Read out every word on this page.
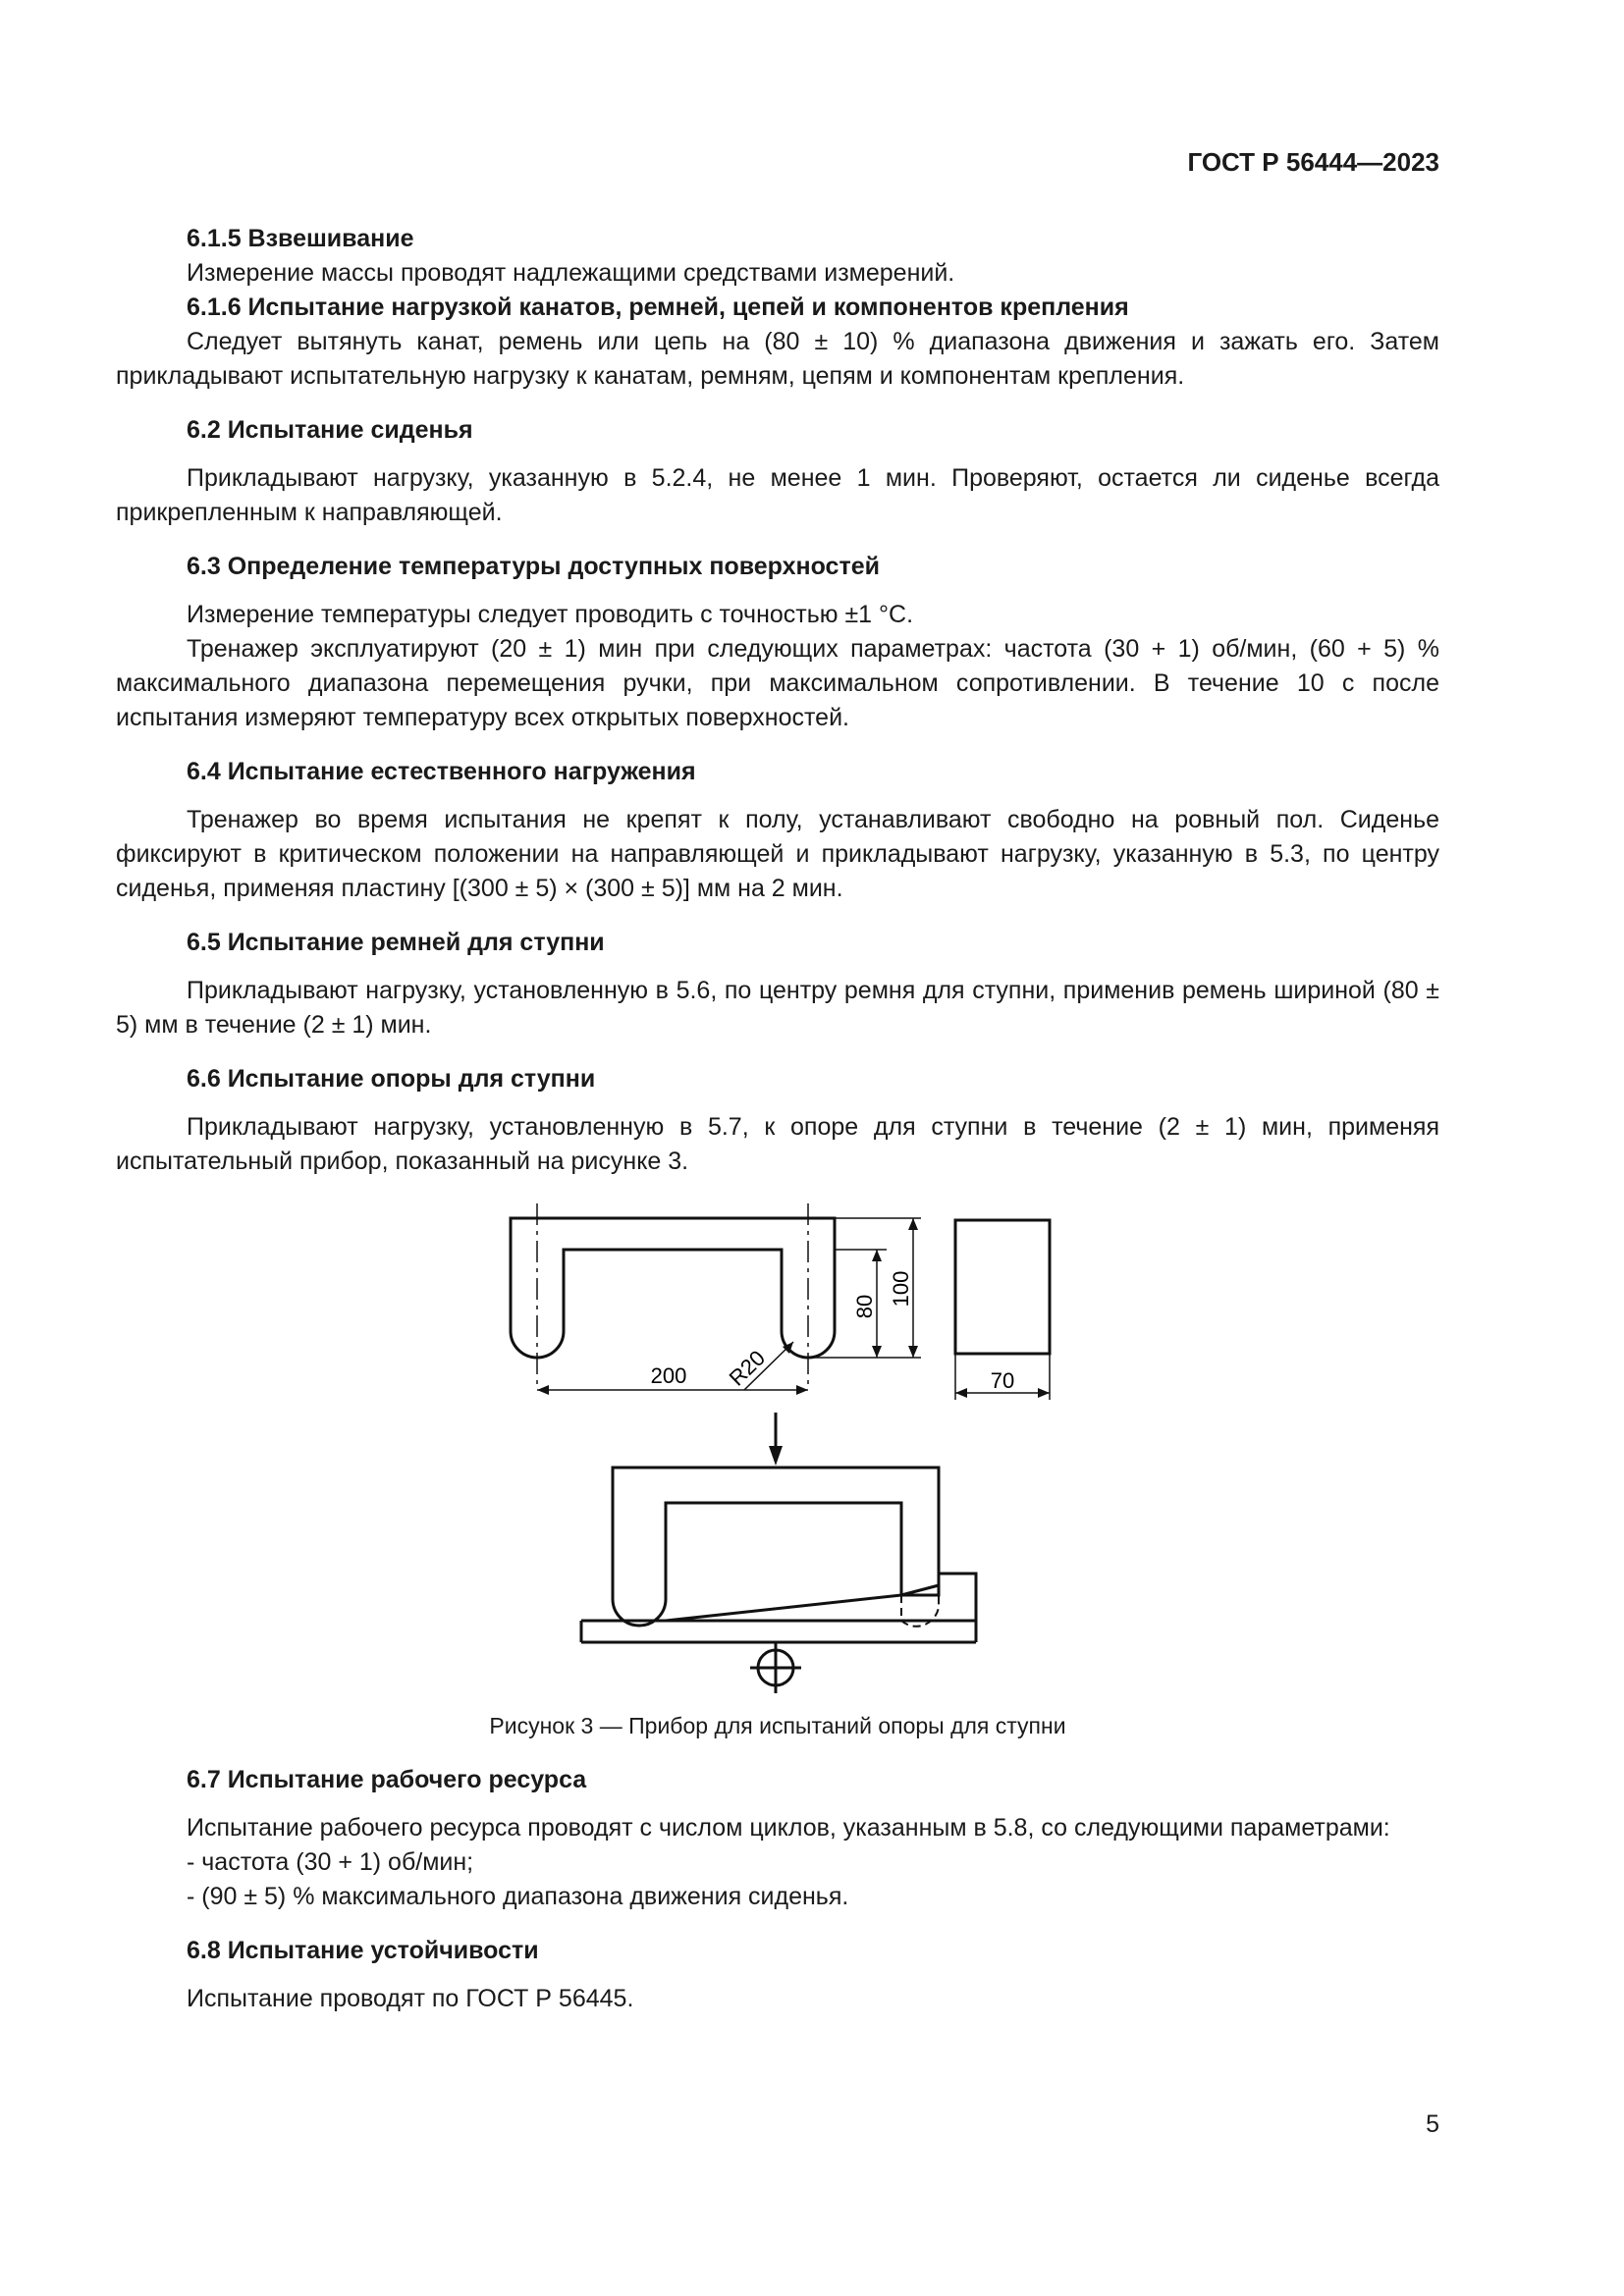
ГОСТ Р 56444—2023

6.1.5 Взвешивание

Измерение массы проводят надлежащими средствами измерений.

6.1.6 Испытание нагрузкой канатов, ремней, цепей и компонентов крепления

Следует вытянуть канат, ремень или цепь на (80 ± 10) % диапазона движения и зажать его. Затем прикладывают испытательную нагрузку к канатам, ремням, цепям и компонентам крепления.

6.2 Испытание сиденья

Прикладывают нагрузку, указанную в 5.2.4, не менее 1 мин. Проверяют, остается ли сиденье всегда прикрепленным к направляющей.

6.3 Определение температуры доступных поверхностей

Измерение температуры следует проводить с точностью ±1 °С.

Тренажер эксплуатируют (20 ± 1) мин при следующих параметрах: частота (30 + 1) об/мин, (60 + 5) % максимального диапазона перемещения ручки, при максимальном сопротивлении. В течение 10 с после испытания измеряют температуру всех открытых поверхностей.

6.4 Испытание естественного нагружения

Тренажер во время испытания не крепят к полу, устанавливают свободно на ровный пол. Сиденье фиксируют в критическом положении на направляющей и прикладывают нагрузку, указанную в 5.3, по центру сиденья, применяя пластину [(300 ± 5) × (300 ± 5)] мм на 2 мин.

6.5 Испытание ремней для ступни

Прикладывают нагрузку, установленную в 5.6, по центру ремня для ступни, применив ремень шириной (80 ± 5) мм в течение (2 ± 1) мин.

6.6 Испытание опоры для ступни

Прикладывают нагрузку, установленную в 5.7, к опоре для ступни в течение (2 ± 1) мин, применяя испытательный прибор, показанный на рисунке 3.

80 100
200 R20	70
Рисунок 3 — Прибор для испытаний опоры для ступни

6.7 Испытание рабочего ресурса

Испытание рабочего ресурса проводят с числом циклов, указанным в 5.8, со следующими параметрами:

- частота (30 + 1) об/мин;

- (90 ± 5) % максимального диапазона движения сиденья.

6.8 Испытание устойчивости

Испытание проводят по ГОСТ Р 56445.

5
